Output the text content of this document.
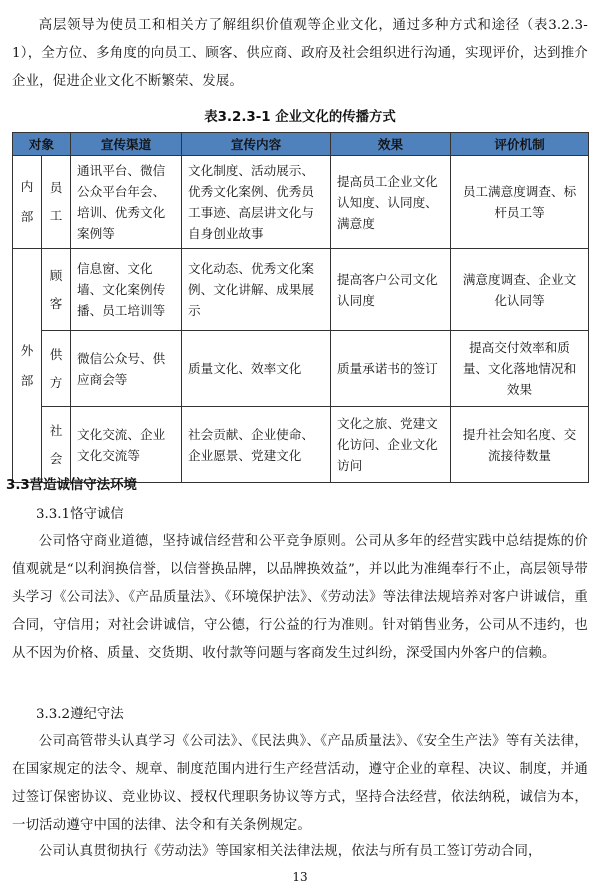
高层领导为使员工和相关方了解组织价值观等企业文化，通过多种方式和途径（表3.2.3-1），全方位、多角度的向员工、顾客、供应商、政府及社会组织进行沟通，实现评价，达到推介企业，促进企业文化不断繁荣、发展。

表3.2.3-1 企业文化的传播方式
对象		宣传渠道	宣传内容	效果	评价机制
内部	员工	通讯平台、微信公众平台年会、培训、优秀文化案例等	文化制度、活动展示、优秀文化案例、优秀员工事迹、高层讲文化与自身创业故事	提高员工企业文化认知度、认同度、满意度	员工满意度调查、标杆员工等
外部	顾客	信息窗、文化墙、文化案例传播、员工培训等	文化动态、优秀文化案例、文化讲解、成果展示	提高客户公司文化认同度	满意度调查、企业文化认同等
	供方	微信公众号、供应商会等	质量文化、效率文化	质量承诺书的签订	提高交付效率和质量、文化落地情况和效果
	社会	文化交流、企业文化交流等	社会贡献、企业使命、企业愿景、党建文化	文化之旅、党建文化访问、企业文化访问	提升社会知名度、交流接待数量
3.3营造诚信守法环境
3.3.1恪守诚信

公司恪守商业道德，坚持诚信经营和公平竞争原则。公司从多年的经营实践中总结提炼的价值观就是“以利润换信誉，以信誉换品牌，以品牌换效益”，并以此为准绳奉行不止，高层领导带头学习《公司法》、《产品质量法》、《环境保护法》、《劳动法》等法律法规培养对客户讲诚信，重合同，守信用；对社会讲诚信，守公德，行公益的行为准则。针对销售业务，公司从不违约，也从不因为价格、质量、交货期、收付款等问题与客商发生过纠纷，深受国内外客户的信赖。

3.3.2遵纪守法

公司高管带头认真学习《公司法》、《民法典》、《产品质量法》、《安全生产法》等有关法律，在国家规定的法令、规章、制度范围内进行生产经营活动，遵守企业的章程、决议、制度，并通过签订保密协议、竞业协议、授权代理职务协议等方式，坚持合法经营，依法纳税，诚信为本，一切活动遵守中国的法律、法令和有关条例规定。

公司认真贯彻执行《劳动法》等国家相关法律法规，依法与所有员工签订劳动合同，

13
